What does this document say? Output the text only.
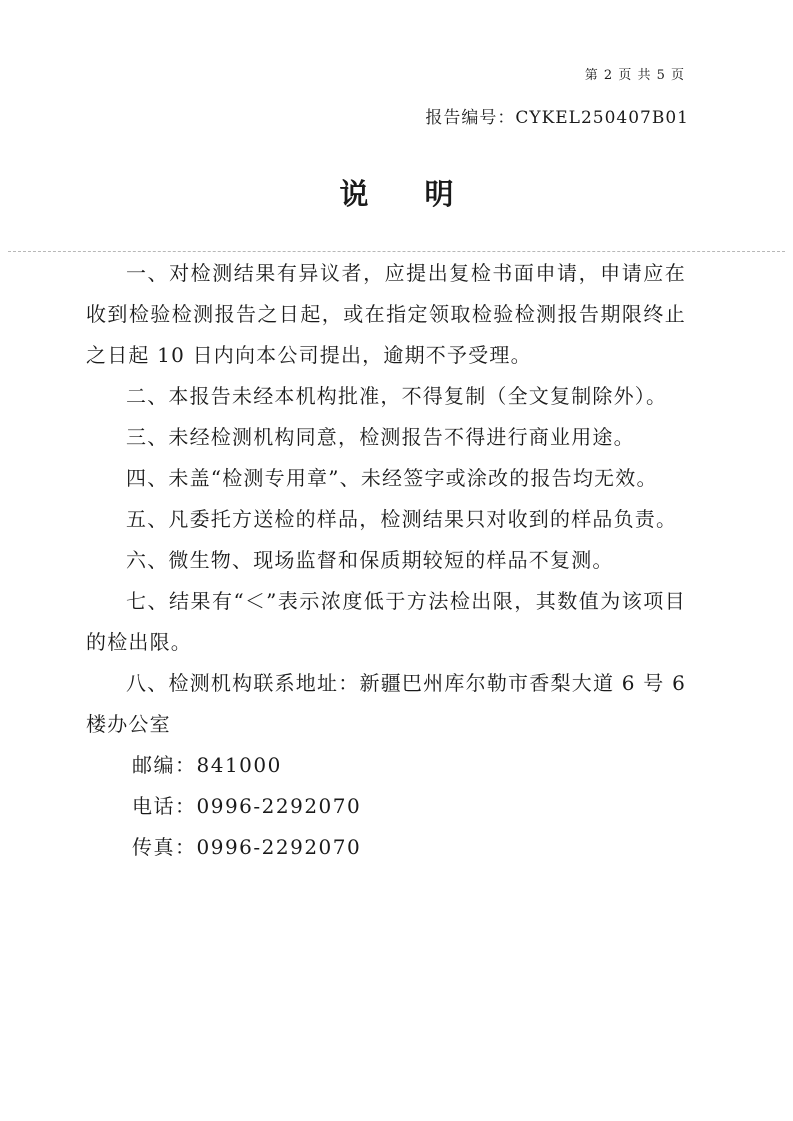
第 2 页 共 5 页
报告编号：CYKEL250407B01
说明

一、对检测结果有异议者，应提出复检书面申请，申请应在收到检验检测报告之日起，或在指定领取检验检测报告期限终止之日起 10 日内向本公司提出，逾期不予受理。

二、本报告未经本机构批准，不得复制（全文复制除外）。

三、未经检测机构同意，检测报告不得进行商业用途。

四、未盖“检测专用章”、未经签字或涂改的报告均无效。

五、凡委托方送检的样品，检测结果只对收到的样品负责。

六、微生物、现场监督和保质期较短的样品不复测。

七、结果有“＜”表示浓度低于方法检出限，其数值为该项目的检出限。

八、检测机构联系地址：新疆巴州库尔勒市香梨大道 6 号 6 楼办公室

邮编：841000

电话：0996-2292070

传真：0996-2292070
